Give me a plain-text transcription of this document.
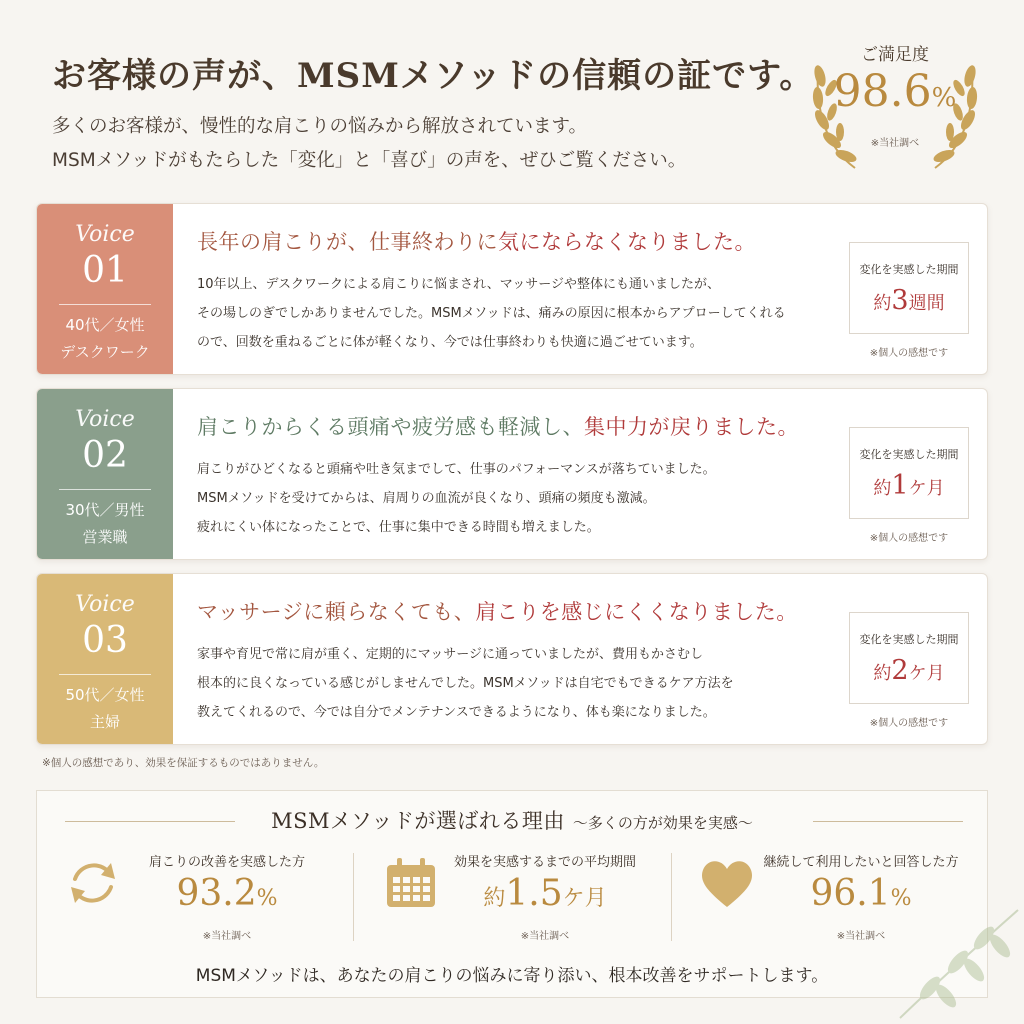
お客様の声が、MSMメソッドの信頼の証です。
多くのお客様が、慢性的な肩こりの悩みから解放されています。
MSMメソッドがもたらした「変化」と「喜び」の声を、ぜひご覧ください。
ご満足度
98.6%
※当社調べ
Voice
01
40代／女性
デスクワーク
長年の肩こりが、仕事終わりに気にならなくなりました。
10年以上、デスクワークによる肩こりに悩まされ、マッサージや整体にも通いましたが、
その場しのぎでしかありませんでした。MSMメソッドは、痛みの原因に根本からアプローしてくれる
ので、回数を重ねるごとに体が軽くなり、今では仕事終わりも快適に過ごせています。
変化を実感した期間
約3週間
※個人の感想です
Voice
02
30代／男性
営業職
肩こりからくる頭痛や疲労感も軽減し、集中力が戻りました。
肩こりがひどくなると頭痛や吐き気までして、仕事のパフォーマンスが落ちていました。
MSMメソッドを受けてからは、肩周りの血流が良くなり、頭痛の頻度も激減。
疲れにくい体になったことで、仕事に集中できる時間も増えました。
変化を実感した期間
約1ケ月
※個人の感想です
Voice
03
50代／女性
主婦
マッサージに頼らなくても、肩こりを感じにくくなりました。
家事や育児で常に肩が重く、定期的にマッサージに通っていましたが、費用もかさむし
根本的に良くなっている感じがしませんでした。MSMメソッドは自宅でもできるケア方法を
教えてくれるので、今では自分でメンテナンスできるようになり、体も楽になりました。
変化を実感した期間
約2ケ月
※個人の感想です
※個人の感想であり、効果を保証するものではありません。
MSMメソッドが選ばれる理由 〜多くの方が効果を実感〜
肩こりの改善を実感した方
93.2%
※当社調べ
効果を実感するまでの平均期間
約1.5ケ月
※当社調べ
継続して利用したいと回答した方
96.1%
※当社調べ
MSMメソッドは、あなたの肩こりの悩みに寄り添い、根本改善をサポートします。
